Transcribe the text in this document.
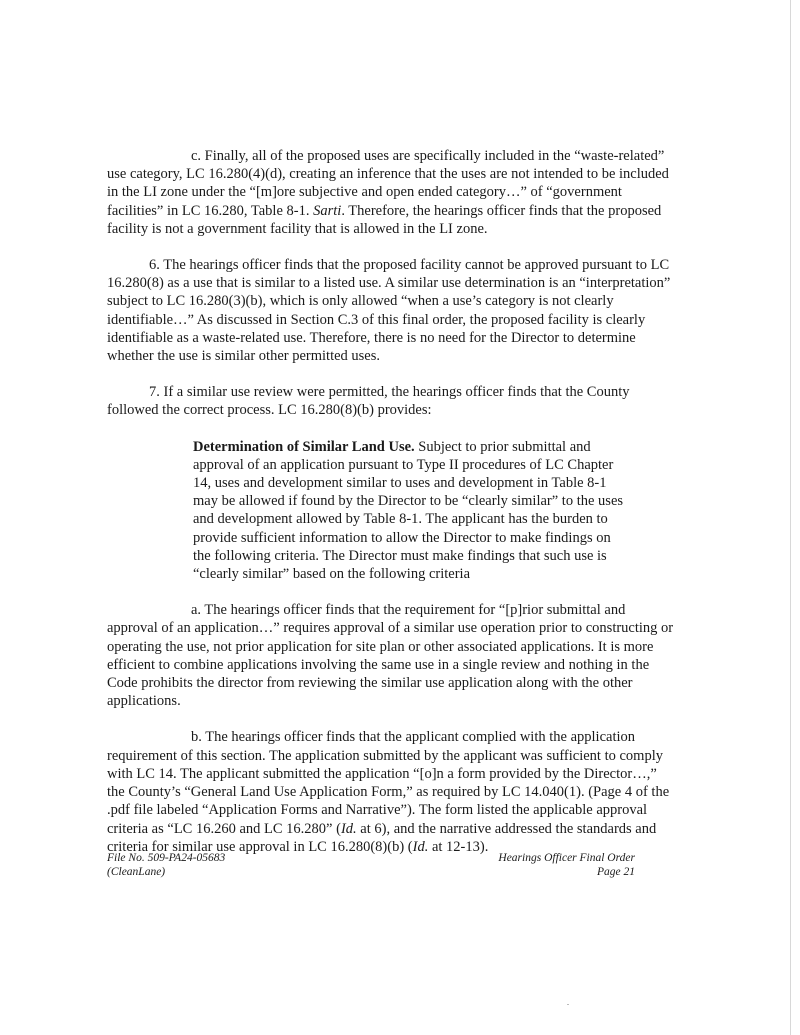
c. Finally, all of the proposed uses are specifically included in the “waste-related” use category, LC 16.280(4)(d), creating an inference that the uses are not intended to be included in the LI zone under the “[m]ore subjective and open ended category…” of “government facilities” in LC 16.280, Table 8-1. Sarti. Therefore, the hearings officer finds that the proposed facility is not a government facility that is allowed in the LI zone.

6. The hearings officer finds that the proposed facility cannot be approved pursuant to LC 16.280(8) as a use that is similar to a listed use. A similar use determination is an “interpretation” subject to LC 16.280(3)(b), which is only allowed “when a use’s category is not clearly identifiable…” As discussed in Section C.3 of this final order, the proposed facility is clearly identifiable as a waste-related use. Therefore, there is no need for the Director to determine whether the use is similar other permitted uses.

7. If a similar use review were permitted, the hearings officer finds that the County followed the correct process. LC 16.280(8)(b) provides:

Determination of Similar Land Use. Subject to prior submittal and approval of an application pursuant to Type II procedures of LC Chapter 14, uses and development similar to uses and development in Table 8-1 may be allowed if found by the Director to be “clearly similar” to the uses and development allowed by Table 8-1. The applicant has the burden to provide sufficient information to allow the Director to make findings on the following criteria. The Director must make findings that such use is “clearly similar” based on the following criteria

a. The hearings officer finds that the requirement for “[p]rior submittal and approval of an application…” requires approval of a similar use operation prior to constructing or operating the use, not prior application for site plan or other associated applications. It is more efficient to combine applications involving the same use in a single review and nothing in the Code prohibits the director from reviewing the similar use application along with the other applications.

b. The hearings officer finds that the applicant complied with the application requirement of this section. The application submitted by the applicant was sufficient to comply with LC 14. The applicant submitted the application “[o]n a form provided by the Director…,” the County’s “General Land Use Application Form,” as required by LC 14.040(1). (Page 4 of the .pdf file labeled “Application Forms and Narrative”). The form listed the applicable approval criteria as “LC 16.260 and LC 16.280” (Id. at 6), and the narrative addressed the standards and criteria for similar use approval in LC 16.280(8)(b) (Id. at 12-13).

File No. 509-PA24-05683
(CleanLane)
Hearings Officer Final Order
Page 21
